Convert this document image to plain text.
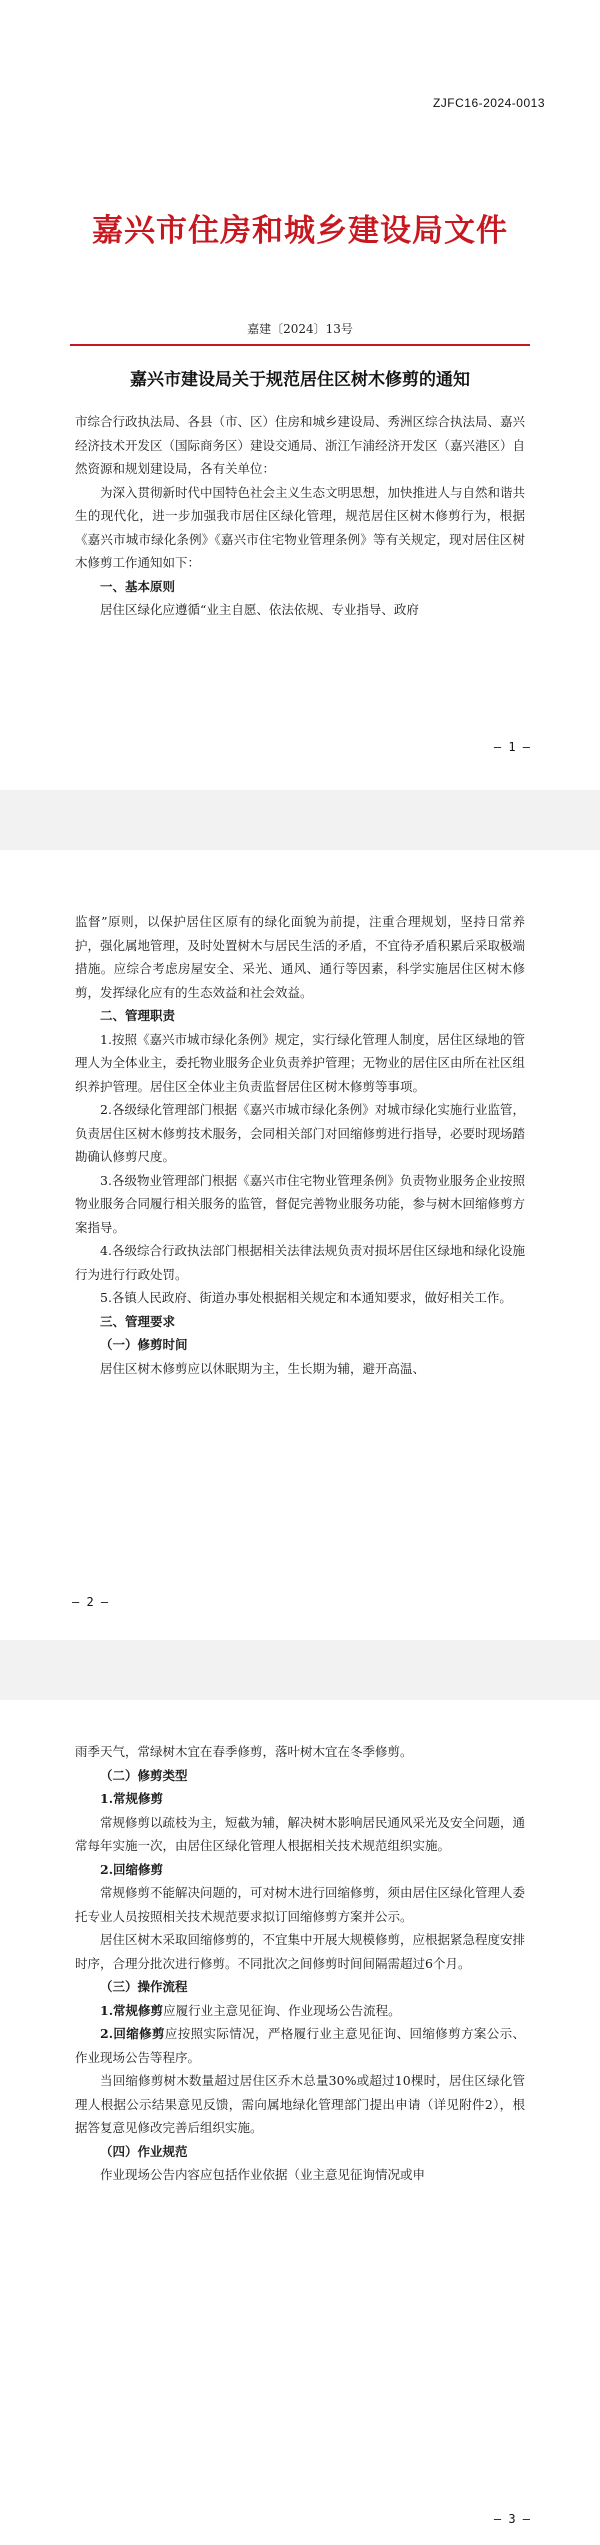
ZJFC16-2024-0013
嘉兴市住房和城乡建设局文件
嘉建〔2024〕13号
嘉兴市建设局关于规范居住区树木修剪的通知

市综合行政执法局、各县（市、区）住房和城乡建设局、秀洲区综合执法局、嘉兴经济技术开发区（国际商务区）建设交通局、浙江乍浦经济开发区（嘉兴港区）自然资源和规划建设局，各有关单位：

为深入贯彻新时代中国特色社会主义生态文明思想，加快推进人与自然和谐共生的现代化，进一步加强我市居住区绿化管理，规范居住区树木修剪行为，根据《嘉兴市城市绿化条例》《嘉兴市住宅物业管理条例》等有关规定，现对居住区树木修剪工作通知如下：

一、基本原则

居住区绿化应遵循“业主自愿、依法依规、专业指导、政府

— 1 —

监督”原则，以保护居住区原有的绿化面貌为前提，注重合理规划，坚持日常养护，强化属地管理，及时处置树木与居民生活的矛盾，不宜待矛盾积累后采取极端措施。应综合考虑房屋安全、采光、通风、通行等因素，科学实施居住区树木修剪，发挥绿化应有的生态效益和社会效益。

二、管理职责

1.按照《嘉兴市城市绿化条例》规定，实行绿化管理人制度，居住区绿地的管理人为全体业主，委托物业服务企业负责养护管理；无物业的居住区由所在社区组织养护管理。居住区全体业主负责监督居住区树木修剪等事项。

2.各级绿化管理部门根据《嘉兴市城市绿化条例》对城市绿化实施行业监管，负责居住区树木修剪技术服务，会同相关部门对回缩修剪进行指导，必要时现场踏勘确认修剪尺度。

3.各级物业管理部门根据《嘉兴市住宅物业管理条例》负责物业服务企业按照物业服务合同履行相关服务的监管，督促完善物业服务功能，参与树木回缩修剪方案指导。

4.各级综合行政执法部门根据相关法律法规负责对损坏居住区绿地和绿化设施行为进行行政处罚。

5.各镇人民政府、街道办事处根据相关规定和本通知要求，做好相关工作。

三、管理要求

（一）修剪时间

居住区树木修剪应以休眠期为主，生长期为辅，避开高温、

— 2 —

雨季天气，常绿树木宜在春季修剪，落叶树木宜在冬季修剪。

（二）修剪类型

1.常规修剪

常规修剪以疏枝为主，短截为辅，解决树木影响居民通风采光及安全问题，通常每年实施一次，由居住区绿化管理人根据相关技术规范组织实施。

2.回缩修剪

常规修剪不能解决问题的，可对树木进行回缩修剪，须由居住区绿化管理人委托专业人员按照相关技术规范要求拟订回缩修剪方案并公示。

居住区树木采取回缩修剪的，不宜集中开展大规模修剪，应根据紧急程度安排时序，合理分批次进行修剪。不同批次之间修剪时间间隔需超过6个月。

（三）操作流程

1.常规修剪应履行业主意见征询、作业现场公告流程。

2.回缩修剪应按照实际情况，严格履行业主意见征询、回缩修剪方案公示、作业现场公告等程序。

当回缩修剪树木数量超过居住区乔木总量30%或超过10棵时，居住区绿化管理人根据公示结果意见反馈，需向属地绿化管理部门提出申请（详见附件2），根据答复意见修改完善后组织实施。

（四）作业规范

作业现场公告内容应包括作业依据（业主意见征询情况或申

— 3 —
